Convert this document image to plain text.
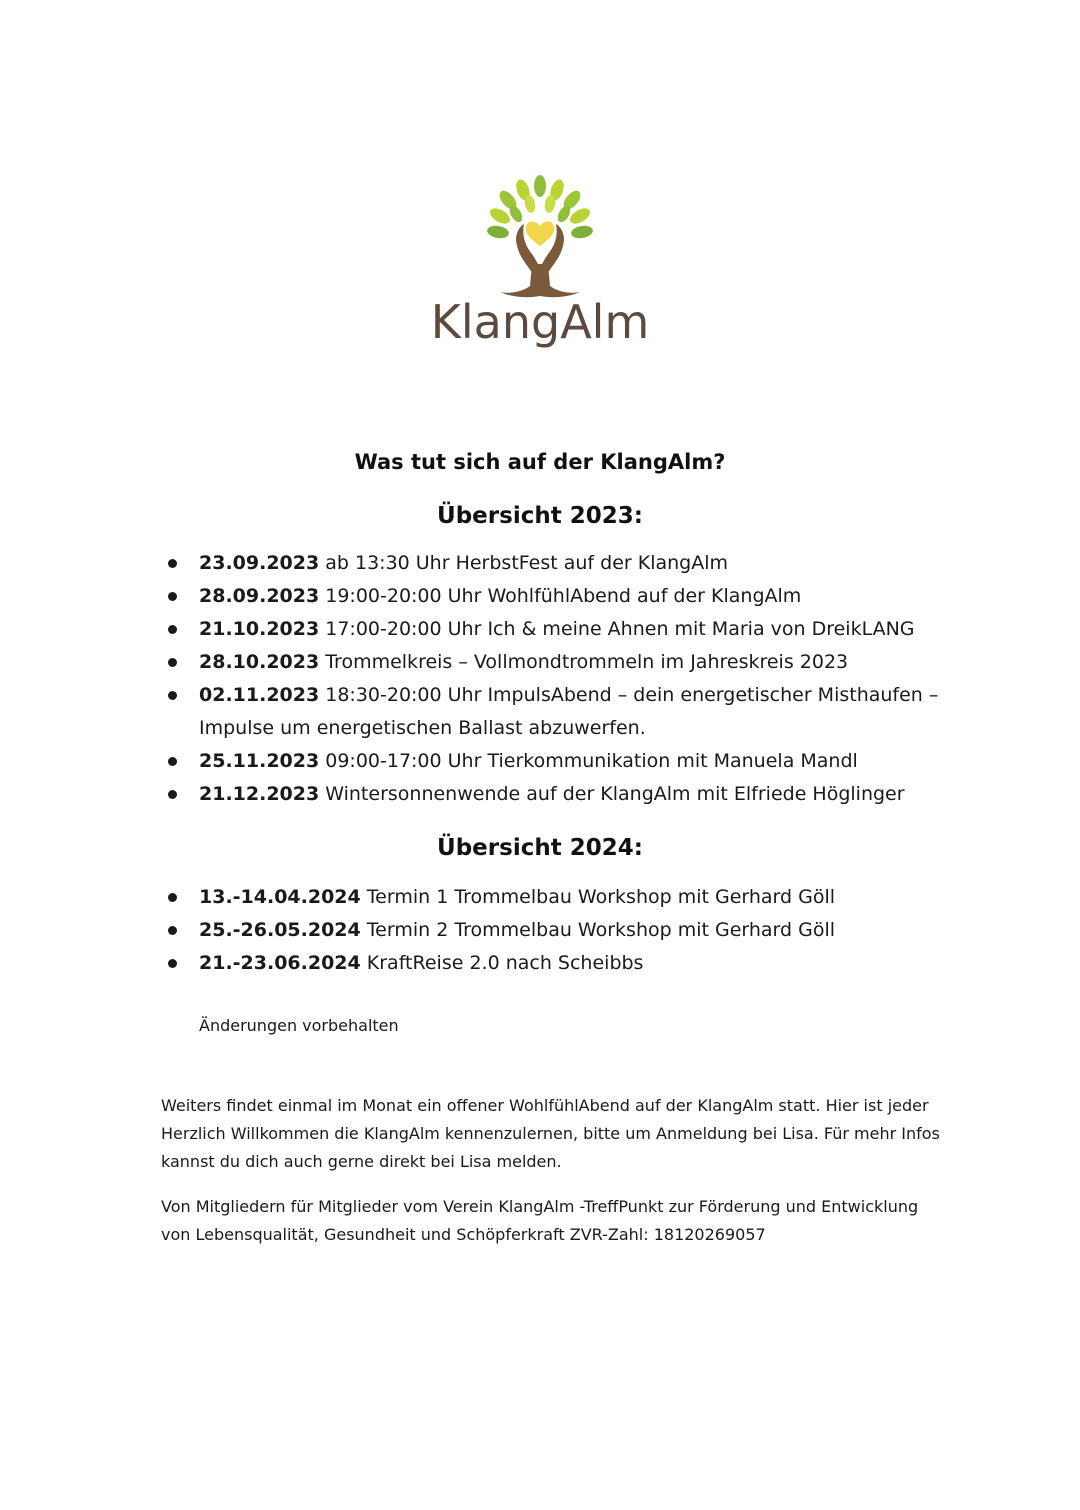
KlangAlm
Was tut sich auf der KlangAlm?
Übersicht 2023:
23.09.2023 ab 13:30 Uhr HerbstFest auf der KlangAlm
28.09.2023 19:00-20:00 Uhr WohlfühlAbend auf der KlangAlm
21.10.2023 17:00-20:00 Uhr Ich & meine Ahnen mit Maria von DreikLANG
28.10.2023 Trommelkreis – Vollmondtrommeln im Jahreskreis 2023
02.11.2023 18:30-20:00 Uhr ImpulsAbend – dein energetischer Misthaufen – Impulse um energetischen Ballast abzuwerfen.
25.11.2023 09:00-17:00 Uhr Tierkommunikation mit Manuela Mandl
21.12.2023 Wintersonnenwende auf der KlangAlm mit Elfriede Höglinger
Übersicht 2024:
13.-14.04.2024 Termin 1 Trommelbau Workshop mit Gerhard Göll
25.-26.05.2024 Termin 2 Trommelbau Workshop mit Gerhard Göll
21.-23.06.2024 KraftReise 2.0 nach Scheibbs
Änderungen vorbehalten
Weiters findet einmal im Monat ein offener WohlfühlAbend auf der KlangAlm statt. Hier ist jeder Herzlich Willkommen die KlangAlm kennenzulernen, bitte um Anmeldung bei Lisa. Für mehr Infos kannst du dich auch gerne direkt bei Lisa melden.
Von Mitgliedern für Mitglieder vom Verein KlangAlm -TreffPunkt zur Förderung und Entwicklung von Lebensqualität, Gesundheit und Schöpferkraft ZVR-Zahl: 18120269057
